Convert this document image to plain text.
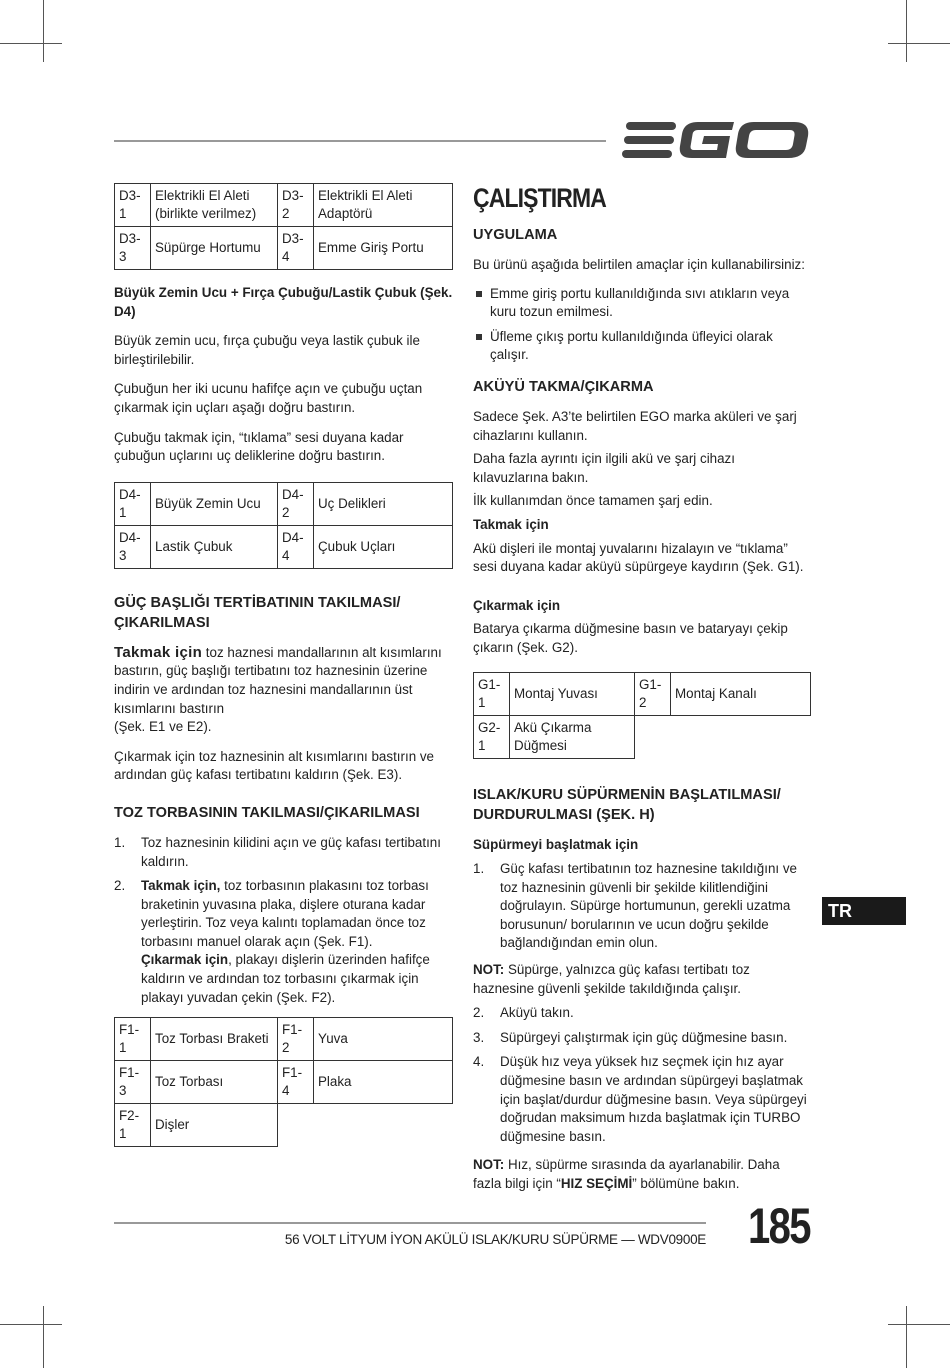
D3-1	Elektrikli El Aleti (birlikte verilmez)	D3-2	Elektrikli El Aleti Adaptörü
D3-3	Süpürge Hortumu	D3-4	Emme Giriş Portu

Büyük Zemin Ucu + Fırça Çubuğu/Lastik Çubuk (Şek. D4)

Büyük zemin ucu, fırça çubuğu veya lastik çubuk ile birleştirilebilir.

Çubuğun her iki ucunu hafifçe açın ve çubuğu uçtan çıkarmak için uçları aşağı doğru bastırın.

Çubuğu takmak için, “tıklama” sesi duyana kadar çubuğun uçlarını uç deliklerine doğru bastırın.

D4-1	Büyük Zemin Ucu	D4-2	Uç Delikleri
D4-3	Lastik Çubuk	D4-4	Çubuk Uçları

GÜÇ BAŞLIĞI TERTİBATININ TAKILMASI/ ÇIKARILMASI

Takmak için toz haznesi mandallarının alt kısımlarını bastırın, güç başlığı tertibatını toz haznesinin üzerine indirin ve ardından toz haznesini mandallarının üst kısımlarını bastırın

(Şek. E1 ve E2).

Çıkarmak için toz haznesinin alt kısımlarını bastırın ve ardından güç kafası tertibatını kaldırın (Şek. E3).

TOZ TORBASININ TAKILMASI/ÇIKARILMASI

1. Toz haznesinin kilidini açın ve güç kafası tertibatını kaldırın.
2. Takmak için, toz torbasının plakasını toz torbası braketinin yuvasına plaka, dişlere oturana kadar yerleştirin. Toz veya kalıntı toplamadan önce toz torbasını manuel olarak açın (Şek. F1).
Çıkarmak için, plakayı dişlerin üzerinden hafifçe kaldırın ve ardından toz torbasını çıkarmak için plakayı yuvadan çekin (Şek. F2).
F1-1	Toz Torbası Braketi	F1-2	Yuva
F1-3	Toz Torbası	F1-4	Plaka
F2-1	Dişler		

ÇALIŞTIRMA

UYGULAMA

Bu ürünü aşağıda belirtilen amaçlar için kullanabilirsiniz:

Emme giriş portu kullanıldığında sıvı atıkların veya kuru tozun emilmesi.
Üfleme çıkış portu kullanıldığında üfleyici olarak çalışır.

AKÜYÜ TAKMA/ÇIKARMA

Sadece Şek. A3’te belirtilen EGO marka aküleri ve şarj cihazlarını kullanın.

Daha fazla ayrıntı için ilgili akü ve şarj cihazı kılavuzlarına bakın.

İlk kullanımdan önce tamamen şarj edin.

Takmak için

Akü dişleri ile montaj yuvalarını hizalayın ve “tıklama” sesi duyana kadar aküyü süpürgeye kaydırın (Şek. G1).

Çıkarmak için

Batarya çıkarma düğmesine basın ve bataryayı çekip çıkarın (Şek. G2).

G1-1	Montaj Yuvası	G1-2	Montaj Kanalı
G2-1	Akü Çıkarma Düğmesi		

ISLAK/KURU SÜPÜRMENİN BAŞLATILMASI/ DURDURULMASI (ŞEK. H)

Süpürmeyi başlatmak için

1. Güç kafası tertibatının toz haznesine takıldığını ve toz haznesinin güvenli bir şekilde kilitlendiğini doğrulayın. Süpürge hortumunun, gerekli uzatma borusunun/ borularının ve ucun doğru şekilde bağlandığından emin olun.

NOT: Süpürge, yalnızca güç kafası tertibatı toz haznesine güvenli şekilde takıldığında çalışır.

2. Aküyü takın.
3. Süpürgeyi çalıştırmak için güç düğmesine basın.
4. Düşük hız veya yüksek hız seçmek için hız ayar düğmesine basın ve ardından süpürgeyi başlatmak için başlat/durdur düğmesine basın. Veya süpürgeyi doğrudan maksimum hızda başlatmak için TURBO düğmesine basın.

NOT: Hız, süpürme sırasında da ayarlanabilir. Daha fazla bilgi için “HIZ SEÇİMİ” bölümüne bakın.

TR
56 VOLT LİTYUM İYON AKÜLÜ ISLAK/KURU SÜPÜRME — WDV0900E 185
